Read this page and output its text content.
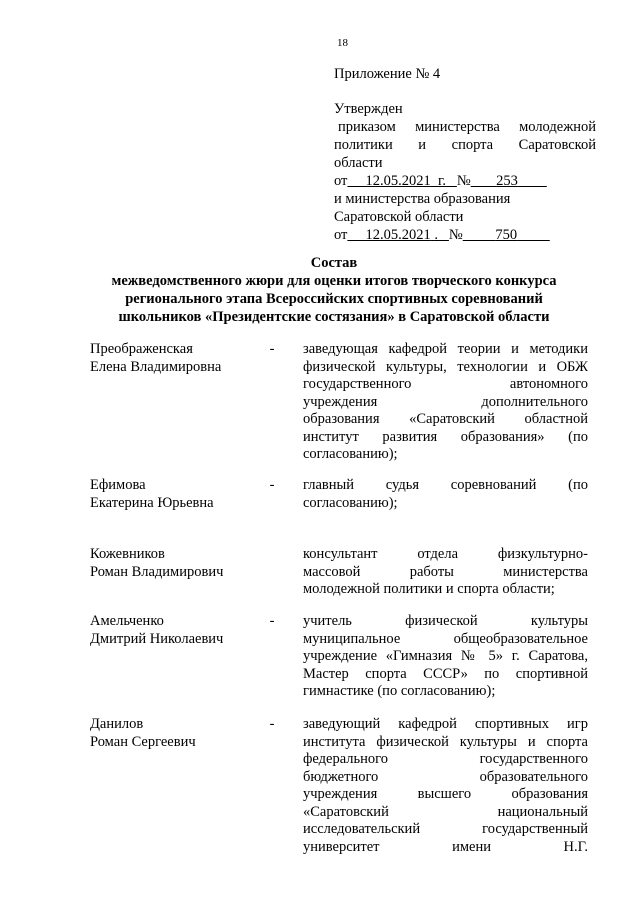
18
Приложение № 4
Утвержден
приказом министерства молодежной
политики и спорта Саратовской
области
от 12.05.2021 г. № 253
и министерства образования
Саратовской области
от 12.05.2021 . № 750
Состав
межведомственного жюри для оценки итогов творческого конкурса
регионального этапа Всероссийских спортивных соревнований
школьников «Президентские состязания» в Саратовской области
Преображенская
Елена Владимировна
- заведующая кафедрой теории и методики
физической культуры, технологии и ОБЖ
государственного автономного
учреждения дополнительного
образования «Саратовский областной
институт развития образования» (по
согласованию);
Ефимова
Екатерина Юрьевна
- главный судья соревнований (по
согласованию);
Кожевников
Роман Владимирович
консультант отдела физкультурно-
массовой работы министерства
молодежной политики и спорта области;
Амельченко
Дмитрий Николаевич
- учитель физической культуры
муниципальное общеобразовательное
учреждение «Гимназия № 5» г. Саратова,
Мастер спорта СССР» по спортивной
гимнастике (по согласованию);
Данилов
Роман Сергеевич
- заведующий кафедрой спортивных игр
института физической культуры и спорта
федерального государственного
бюджетного образовательного
учреждения высшего образования
«Саратовский национальный
исследовательский государственный
университет имени Н.Г.
